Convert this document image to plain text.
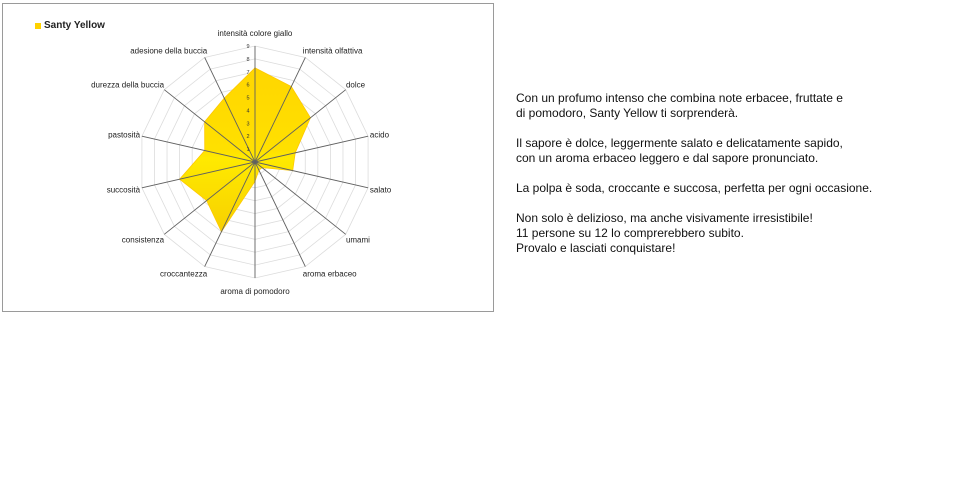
Santy Yellow
1
2
3
4
5
6
7
8
9
intensità colore giallo
intensità olfattiva
dolce
acido
salato
umami
aroma erbaceo
aroma di pomodoro
croccantezza
consistenza
succosità
pastosità
durezza della buccia
adesione della buccia

Con un profumo intenso che combina note erbacee, fruttate e
di pomodoro, Santy Yellow ti sorprenderà.

Il sapore è dolce, leggermente salato e delicatamente sapido,
con un aroma erbaceo leggero e dal sapore pronunciato.

La polpa è soda, croccante e succosa, perfetta per ogni occasione.

Non solo è delizioso, ma anche visivamente irresistibile!
11 persone su 12 lo comprerebbero subito.
Provalo e lasciati conquistare!
